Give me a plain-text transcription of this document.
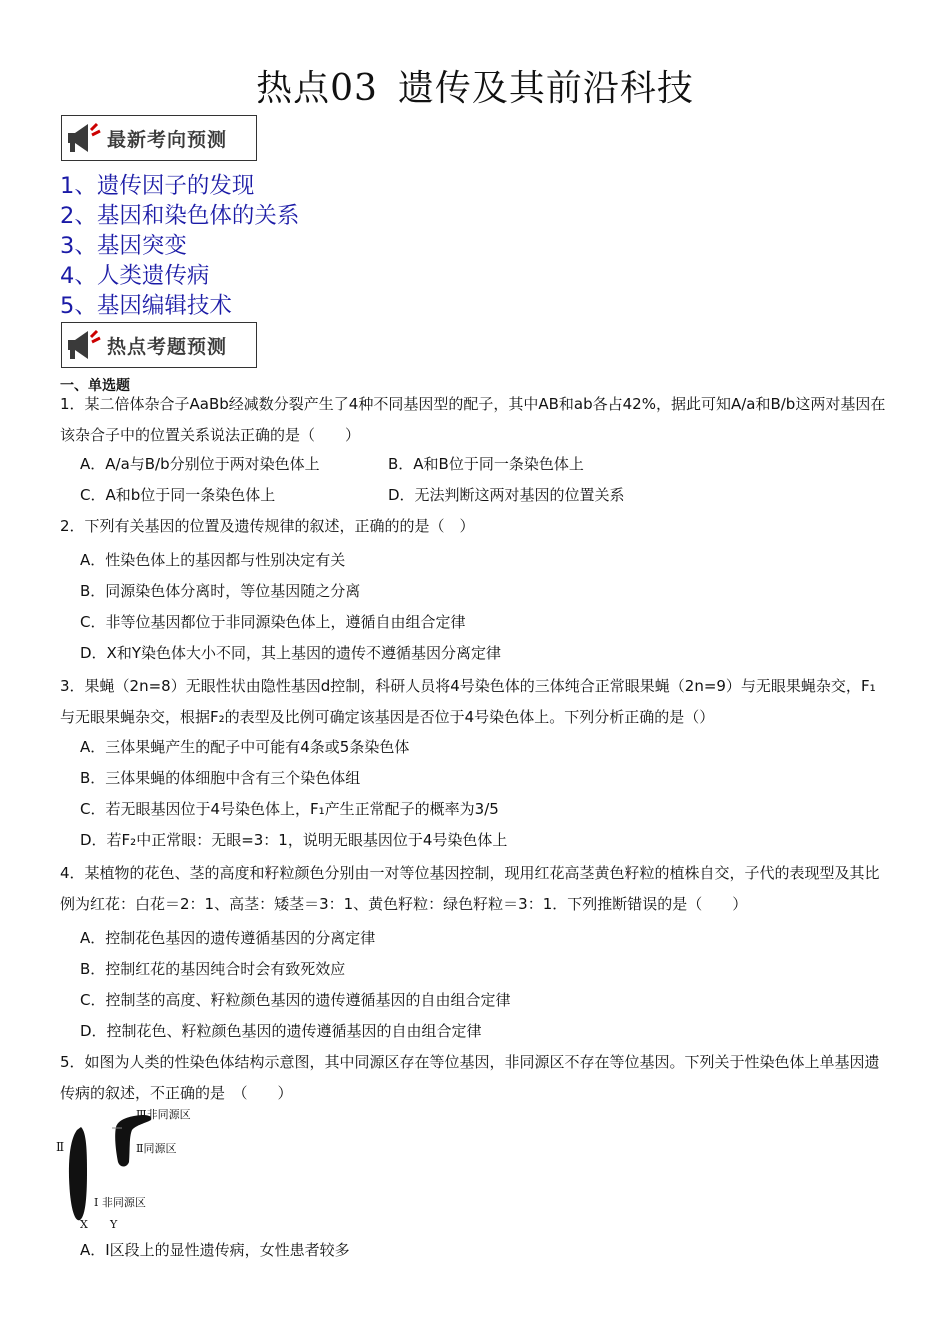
热点03 遗传及其前沿科技
最新考向预测
1、遗传因子的发现
2、基因和染色体的关系
3、基因突变
4、人类遗传病
5、基因编辑技术
热点考题预测
一、单选题
1．某二倍体杂合子AaBb经减数分裂产生了4种不同基因型的配子，其中AB和ab各占42%，据此可知A/a和B/b这两对基因在该杂合子中的位置关系说法正确的是（　　）
A．A/a与B/b分别位于两对染色体上	B．A和B位于同一条染色体上
C．A和b位于同一条染色体上	D．无法判断这两对基因的位置关系
2．下列有关基因的位置及遗传规律的叙述，正确的的是（　）
A．性染色体上的基因都与性别决定有关
B．同源染色体分离时，等位基因随之分离
C．非等位基因都位于非同源染色体上，遵循自由组合定律
D．X和Y染色体大小不同，其上基因的遗传不遵循基因分离定律
3．果蝇（2n=8）无眼性状由隐性基因d控制，科研人员将4号染色体的三体纯合正常眼果蝇（2n=9）与无眼果蝇杂交，F₁与无眼果蝇杂交，根据F₂的表型及比例可确定该基因是否位于4号染色体上。下列分析正确的是（）
A．三体果蝇产生的配子中可能有4条或5条染色体
B．三体果蝇的体细胞中含有三个染色体组
C．若无眼基因位于4号染色体上，F₁产生正常配子的概率为3/5
D．若F₂中正常眼：无眼=3：1，说明无眼基因位于4号染色体上
4．某植物的花色、茎的高度和籽粒颜色分别由一对等位基因控制，现用红花高茎黄色籽粒的植株自交，子代的表现型及其比例为红花：白花＝2：1、高茎：矮茎＝3：1、黄色籽粒：绿色籽粒＝3：1．下列推断错误的是（　　）
A．控制花色基因的遗传遵循基因的分离定律
B．控制红花的基因纯合时会有致死效应
C．控制茎的高度、籽粒颜色基因的遗传遵循基因的自由组合定律
D．控制花色、籽粒颜色基因的遗传遵循基因的自由组合定律
5．如图为人类的性染色体结构示意图，其中同源区存在等位基因，非同源区不存在等位基因。下列关于性染色体上单基因遗传病的叙述，不正确的是　（　　）
Ⅲ非同源区
Ⅱ	Ⅱ同源区
Ⅰ 非同源区
X Y
A．Ⅰ区段上的显性遗传病，女性患者较多
